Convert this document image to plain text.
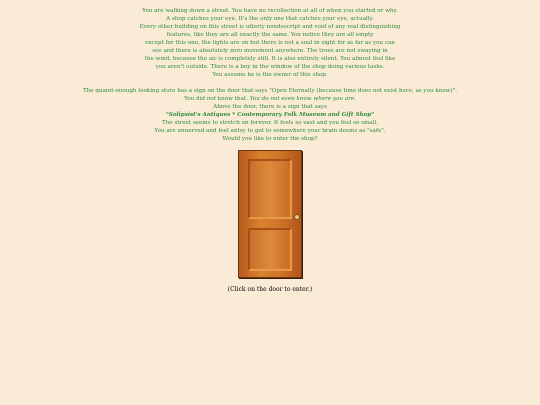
You are walking down a street. You have no recollection at all of when you started or why.

A shop catches your eye. It's the only one that catches your eye, actually.

Every other building on this street is utterly nondescript and void of any real distinguishing

features, like they are all exactly the same. You notice they are all empty

except for this one, the lights are on but there is not a soul in sight for as far as you can

see and there is absolutely zero movement anywhere. The trees are not swaying in

the wind, because the air is completely still. It is also entirely silent. You almost feel like

you aren't outside. There is a boy in the window of the shop doing various tasks.

You assume he is the owner of this shop.

The quaint-enough looking store has a sign on the door that says "Open Eternally (because time does not exist here, as you know)".

You did not know that. You do not even know where you are.

Above the door, there is a sign that says

"Solipsist's Antiques * Contemporary Folk Museum and Gift Shop"

The street seems to stretch on forever. It feels so vast and you feel so small.

You are unnerved and feel antsy to get to somewhere your brain deems as "safe".

Would you like to enter the shop?

(Click on the door to enter.)
